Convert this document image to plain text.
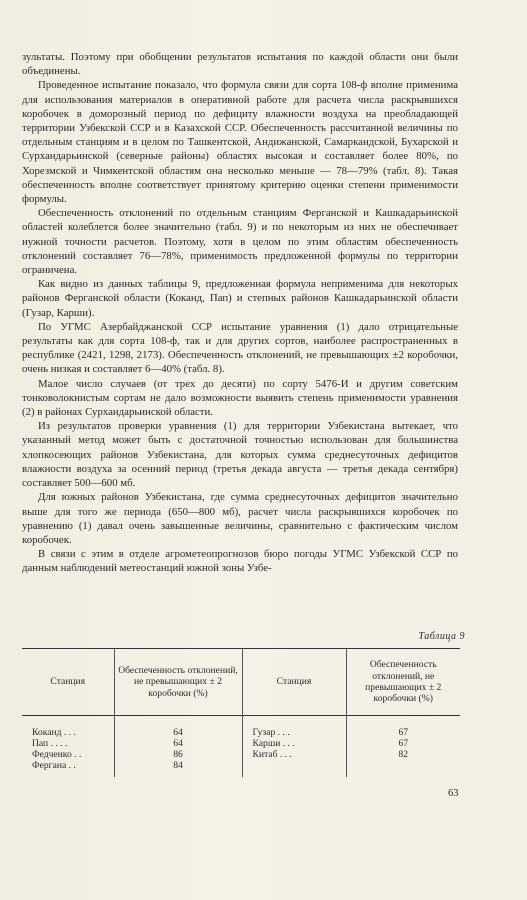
зультаты. Поэтому при обобщении результатов испытания по каждой области они были объединены.

Проведенное испытание показало, что формула связи для сорта 108-ф вполне применима для использования материалов в оперативной работе для расчета числа раскрывшихся коробочек в доморозный период по дефициту влажности воздуха на преобладающей территории Узбекской ССР и в Казахской ССР. Обеспеченность рассчитанной величины по отдельным станциям и в целом по Ташкентской, Андижанской, Самаркандской, Бухарской и Сурхандарьинской (северные районы) областях высокая и составляет более 80%, по Хорезмской и Чимкентской областям она несколько меньше — 78—79% (табл. 8). Такая обеспеченность вполне соответствует принятому критерию оценки степени применимости формулы.

Обеспеченность отклонений по отдельным станциям Ферганской и Кашкадарьинской областей колеблется более значительно (табл. 9) и по некоторым из них не обеспечивает нужной точности расчетов. Поэтому, хотя в целом по этим областям обеспеченность отклонений составляет 76—78%, применимость предложенной формулы по территории ограничена.

Как видно из данных таблицы 9, предложенная формула неприменима для некоторых районов Ферганской области (Коканд, Пап) и степных районов Кашкадарьинской области (Гузар, Карши).

По УГМС Азербайджанской ССР испытание уравнения (1) дало отрицательные результаты как для сорта 108-ф, так и для других сортов, наиболее распространенных в республике (2421, 1298, 2173). Обеспеченность отклонений, не превышающих ±2 коробочки, очень низкая и составляет 6—40% (табл. 8).

Малое число случаев (от трех до десяти) по сорту 5476-И и другим советским тонковолокнистым сортам не дало возможности выявить степень применимости уравнения (2) в районах Сурхандарьинской области.

Из результатов проверки уравнения (1) для территории Узбекистана вытекает, что указанный метод может быть с достаточной точностью использован для большинства хлопкосеющих районов Узбекистана, для которых сумма среднесуточных дефицитов влажности воздуха за осенний период (третья декада августа — третья декада сентября) составляет 500—600 мб.

Для южных районов Узбекистана, где сумма среднесуточных дефицитов значительно выше для того же периода (650—800 мб), расчет числа раскрывшихся коробочек по уравнению (1) давал очень завышенные величины, сравнительно с фактическим числом коробочек.

В связи с этим в отделе агрометеопрогнозов бюро погоды УГМС Узбекской ССР по данным наблюдений метеостанций южной зоны Узбе-

Таблица 9
Станция	Обеспеченность отклонений, не превышающих ± 2 коробочки (%)	Станция	Обеспеченность отклонений, не превышающих ± 2 коробочки (%)
Коканд . . .	64	Гузар . . .	67
Пап . . . .	64	Карши . . .	67
Федченко . .	86	Китаб . . .	82
Фергана . .	84		
63
